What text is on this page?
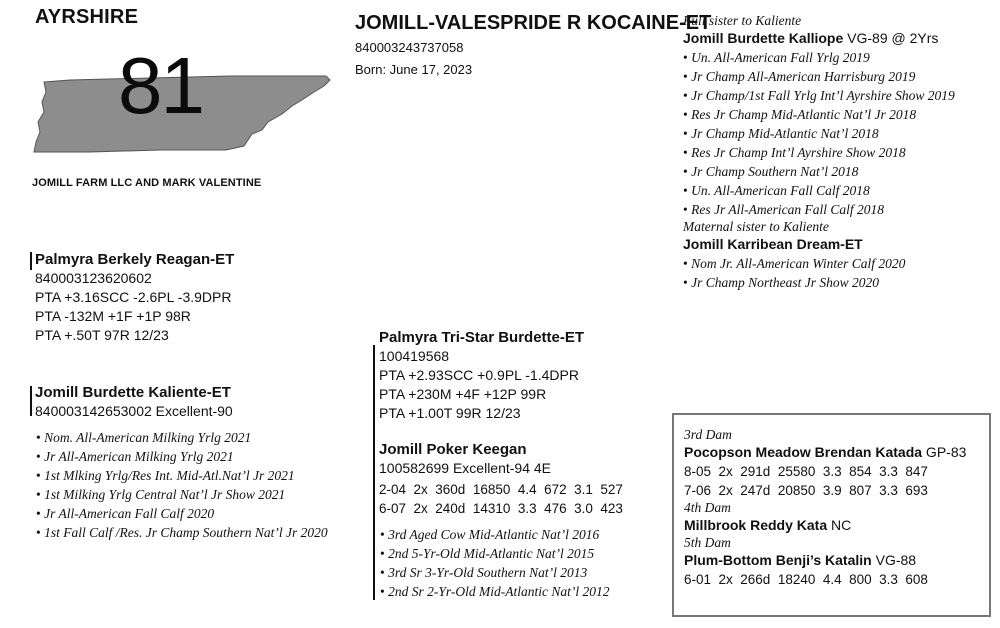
AYRSHIRE
81
JOMILL FARM LLC AND MARK VALENTINE
JOMILL-VALESPRIDE R KOCAINE-ET
840003243737058
Born: June 17, 2023
Palmyra Berkely Reagan-ET
840003123620602
PTA +3.16SCC -2.6PL -3.9DPR
PTA -132M +1F +1P 98R
PTA +.50T 97R 12/23
Jomill Burdette Kaliente-ET
840003142653002 Excellent-90
• Nom. All-American Milking Yrlg 2021
• Jr All-American Milking Yrlg 2021
• 1st Mlking Yrlg/Res Int. Mid-Atl.Nat’l Jr 2021
• 1st Milking Yrlg Central Nat’l Jr Show 2021
• Jr All-American Fall Calf 2020
• 1st Fall Calf /Res. Jr Champ Southern Nat’l Jr 2020
Palmyra Tri-Star Burdette-ET
100419568
PTA +2.93SCC +0.9PL -1.4DPR
PTA +230M +4F +12P 99R
PTA +1.00T 99R 12/23
Jomill Poker Keegan
100582699 Excellent-94 4E
2-04  2x  360d  16850  4.4  672  3.1  527
6-07  2x  240d  14310  3.3  476  3.0  423
• 3rd Aged Cow Mid-Atlantic Nat’l 2016
• 2nd 5-Yr-Old Mid-Atlantic Nat’l 2015
• 3rd Sr 3-Yr-Old Southern Nat’l 2013
• 2nd Sr 2-Yr-Old Mid-Atlantic Nat’l 2012
Full sister to Kaliente
Jomill Burdette Kalliope VG-89 @ 2Yrs
• Un. All-American Fall Yrlg 2019
• Jr Champ All-American Harrisburg 2019
• Jr Champ/1st Fall Yrlg Int’l Ayrshire Show 2019
• Res Jr Champ Mid-Atlantic Nat’l Jr 2018
• Jr Champ Mid-Atlantic Nat’l 2018
• Res Jr Champ Int’l Ayrshire Show 2018
• Jr Champ Southern Nat’l 2018
• Un. All-American Fall Calf 2018
• Res Jr All-American Fall Calf 2018
Maternal sister to Kaliente
Jomill Karribean Dream-ET
• Nom Jr. All-American Winter Calf 2020
• Jr Champ Northeast Jr Show 2020
3rd Dam
Pocopson Meadow Brendan Katada GP-83
8-05  2x  291d  25580  3.3  854  3.3  847
7-06  2x  247d  20850  3.9  807  3.3  693
4th Dam
Millbrook Reddy Kata NC
5th Dam
Plum-Bottom Benji’s Katalin VG-88
6-01  2x  266d  18240  4.4  800  3.3  608
